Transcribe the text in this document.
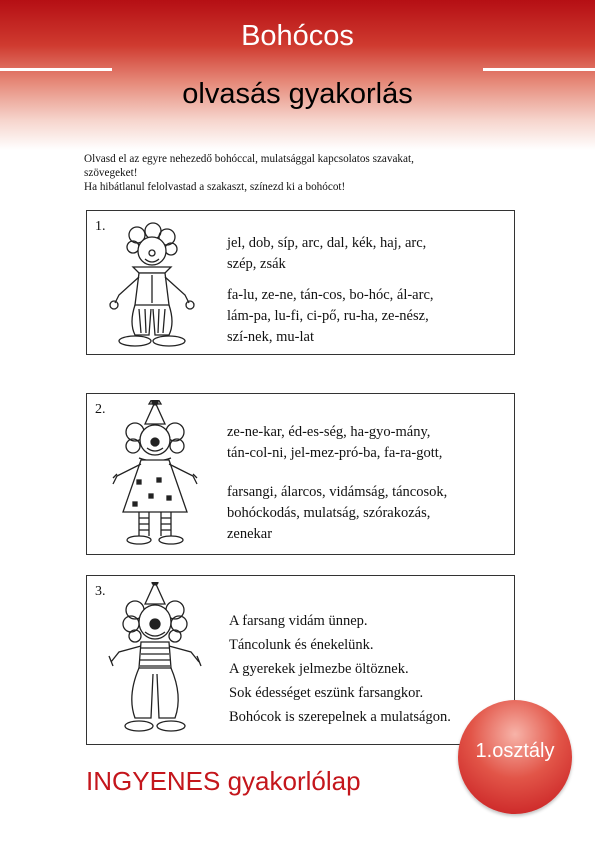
Bohócos
olvasás gyakorlás
Olvasd el az egyre nehezedő bohóccal, mulatsággal kapcsolatos szavakat,
szövegeket!
Ha hibátlanul felolvastad a szakaszt, színezd ki a bohócot!
1.
jel, dob, síp, arc, dal, kék, haj, arc,
szép, zsák
fa-lu, ze-ne, tán-cos, bo-hóc, ál-arc,
lám-pa, lu-fi, ci-pő, ru-ha, ze-nész,
szí-nek, mu-lat
2.
ze-ne-kar, éd-es-ség, ha-gyo-mány,
tán-col-ni, jel-mez-pró-ba, fa-ra-gott,
farsangi, álarcos, vidámság, táncosok,
bohóckodás, mulatság, szórakozás,
zenekar
3.
A farsang vidám ünnep.
Táncolunk és énekelünk.
A gyerekek jelmezbe öltöznek.
Sok édességet eszünk farsangkor.
Bohócok is szerepelnek a mulatságon.
INGYENES gyakorlólap
1.osztály
